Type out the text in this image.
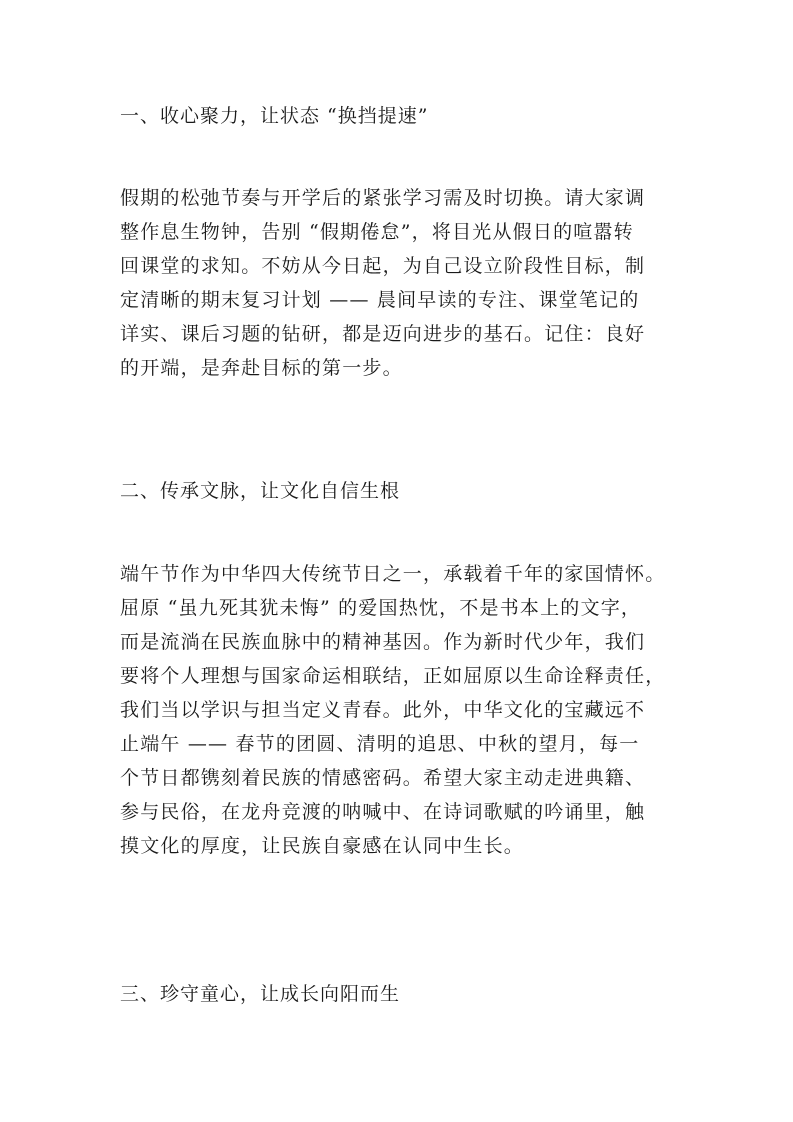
一、收心聚力，让状态 “换挡提速”
假期的松弛节奏与开学后的紧张学习需及时切换。请大家调
整作息生物钟，告别 “假期倦怠”，将目光从假日的喧嚣转
回课堂的求知。不妨从今日起，为自己设立阶段性目标，制
定清晰的期末复习计划 —— 晨间早读的专注、课堂笔记的
详实、课后习题的钻研，都是迈向进步的基石。记住：良好
的开端，是奔赴目标的第一步。
二、传承文脉，让文化自信生根
端午节作为中华四大传统节日之一，承载着千年的家国情怀。
屈原 “虽九死其犹未悔” 的爱国热忱，不是书本上的文字，
而是流淌在民族血脉中的精神基因。作为新时代少年，我们
要将个人理想与国家命运相联结，正如屈原以生命诠释责任，
我们当以学识与担当定义青春。此外，中华文化的宝藏远不
止端午 —— 春节的团圆、清明的追思、中秋的望月，每一
个节日都镌刻着民族的情感密码。希望大家主动走进典籍、
参与民俗，在龙舟竞渡的呐喊中、在诗词歌赋的吟诵里，触
摸文化的厚度，让民族自豪感在认同中生长。
三、珍守童心，让成长向阳而生
